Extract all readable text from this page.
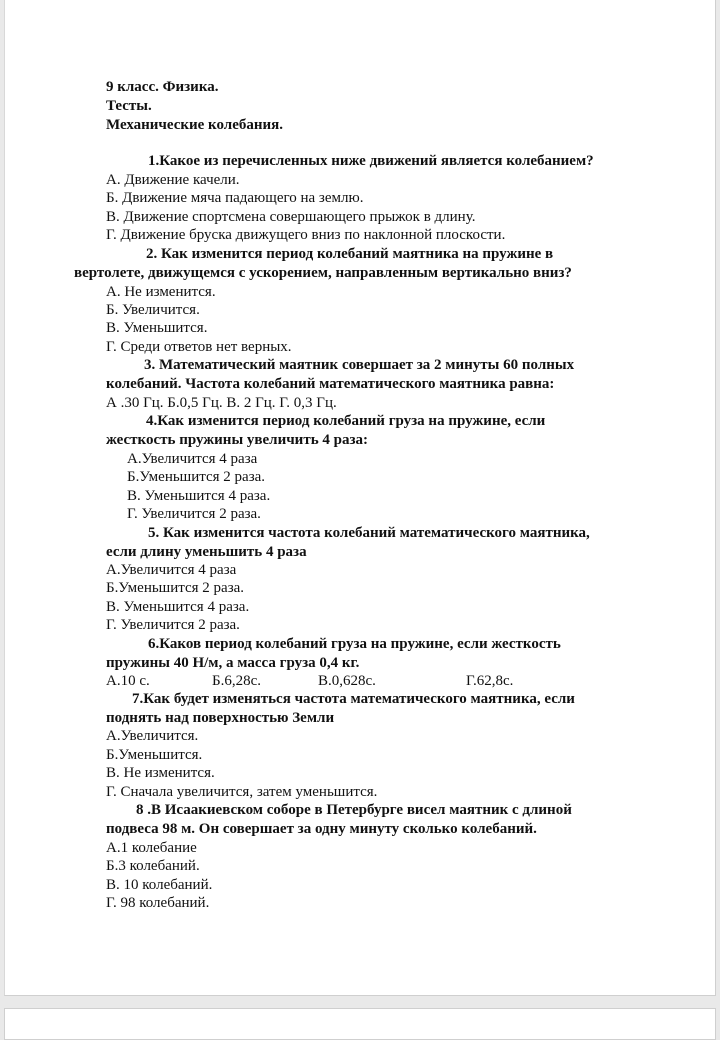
9 класс. Физика.
Тесты.
Механические колебания.
1.Какое из перечисленных ниже движений является колебанием?
А. Движение качели.
Б. Движение мяча падающего на землю.
В. Движение спортсмена совершающего прыжок в длину.
Г. Движение бруска движущего вниз по наклонной плоскости.
2. Как изменится период колебаний маятника на пружине в
вертолете, движущемся с ускорением, направленным вертикально вниз?
А. Не изменится.
Б. Увеличится.
В. Уменьшится.
Г. Среди ответов нет верных.
3. Математический маятник совершает за 2 минуты 60 полных
колебаний. Частота колебаний математического маятника равна:
А .30 Гц. Б.0,5 Гц. В. 2 Гц. Г. 0,3 Гц.
4.Как изменится период колебаний груза на пружине, если
жесткость пружины увеличить 4 раза:
А.Увеличится 4 раза
Б.Уменьшится 2 раза.
В. Уменьшится 4 раза.
Г. Увеличится 2 раза.
5. Как изменится частота колебаний математического маятника,
если длину уменьшить 4 раза
А.Увеличится 4 раза
Б.Уменьшится 2 раза.
В. Уменьшится 4 раза.
Г. Увеличится 2 раза.
6.Каков период колебаний груза на пружине, если жесткость
пружины 40 Н/м, а масса груза 0,4 кг.
А.10 с.	Б.6,28с.	В.0,628с.	Г.62,8с.
7.Как будет изменяться частота математического маятника, если
поднять над поверхностью Земли
А.Увеличится.
Б.Уменьшится.
В. Не изменится.
Г. Сначала увеличится, затем уменьшится.
8 .В Исаакиевском соборе в Петербурге висел маятник с длиной
подвеса 98 м. Он совершает за одну минуту сколько колебаний.
А.1 колебание
Б.3 колебаний.
В. 10 колебаний.
Г. 98 колебаний.
